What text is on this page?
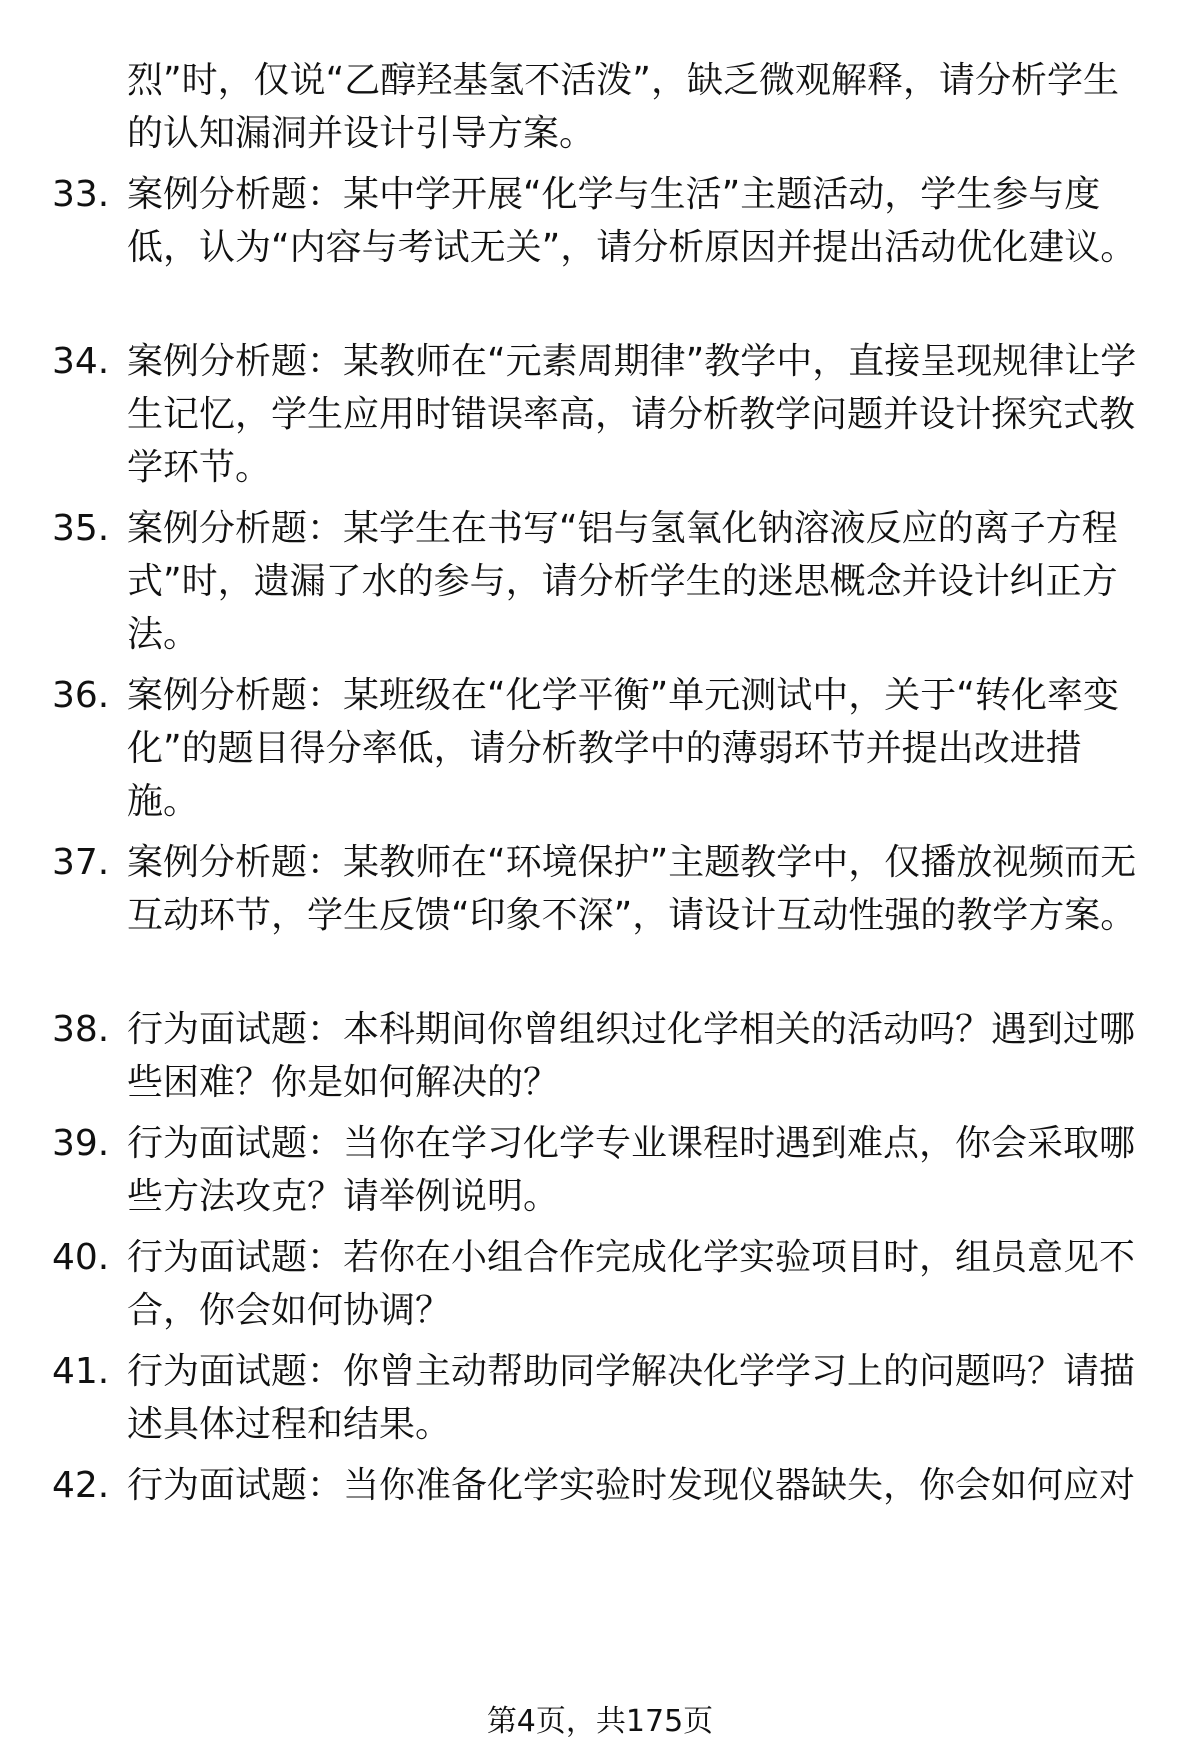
烈”时，仅说“乙醇羟基氢不活泼”，缺乏微观解释，请分析学生的认知漏洞并设计引导方案。
33. 案例分析题：某中学开展“化学与生活”主题活动，学生参与度低，认为“内容与考试无关”，请分析原因并提出活动优化建议。
34. 案例分析题：某教师在“元素周期律”教学中，直接呈现规律让学生记忆，学生应用时错误率高，请分析教学问题并设计探究式教学环节。
35. 案例分析题：某学生在书写“铝与氢氧化钠溶液反应的离子方程式”时，遗漏了水的参与，请分析学生的迷思概念并设计纠正方法。
36. 案例分析题：某班级在“化学平衡”单元测试中，关于“转化率变化”的题目得分率低，请分析教学中的薄弱环节并提出改进措施。
37. 案例分析题：某教师在“环境保护”主题教学中，仅播放视频而无互动环节，学生反馈“印象不深”，请设计互动性强的教学方案。
38. 行为面试题：本科期间你曾组织过化学相关的活动吗？遇到过哪些困难？你是如何解决的？
39. 行为面试题：当你在学习化学专业课程时遇到难点，你会采取哪些方法攻克？请举例说明。
40. 行为面试题：若你在小组合作完成化学实验项目时，组员意见不合，你会如何协调？
41. 行为面试题：你曾主动帮助同学解决化学学习上的问题吗？请描述具体过程和结果。
42. 行为面试题：当你准备化学实验时发现仪器缺失，你会如何应对
第4页，共175页
